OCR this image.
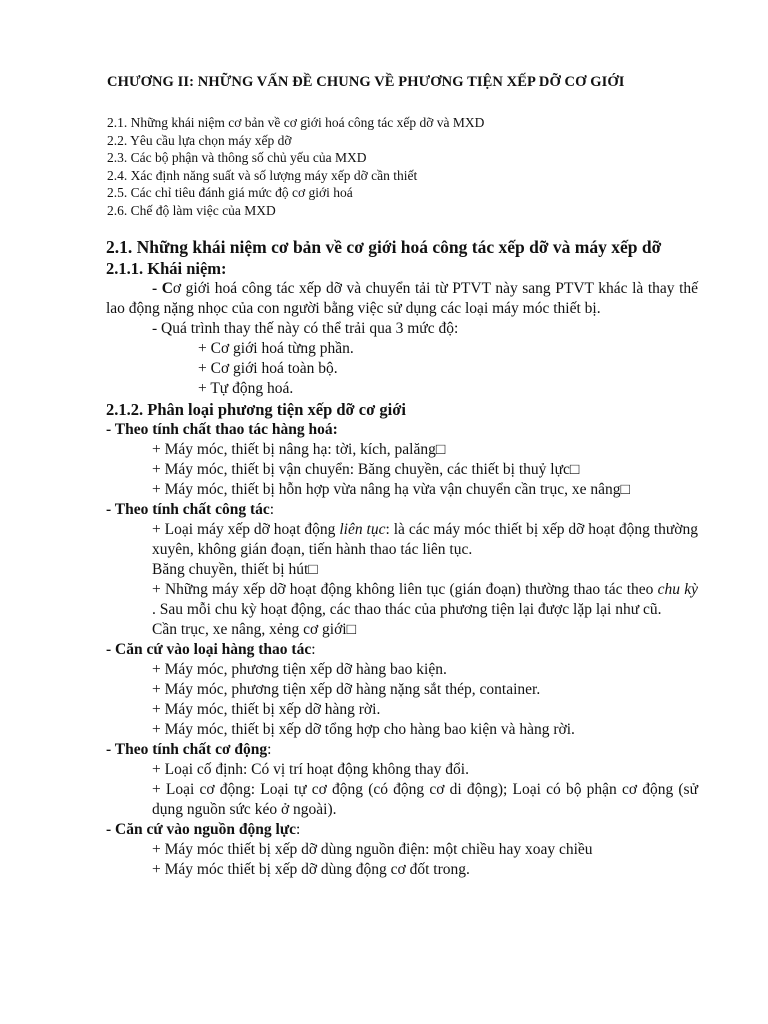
CHƯƠNG II: NHỮNG VẤN ĐỀ CHUNG VỀ PHƯƠNG TIỆN XẾP DỠ CƠ GIỚI
2.1. Những khái niệm cơ bản về cơ giới hoá công tác xếp dỡ và MXD
2.2. Yêu cầu lựa chọn máy xếp dỡ
2.3. Các bộ phận và thông số chủ yếu của MXD
2.4. Xác định năng suất và số lượng máy xếp dỡ cần thiết
2.5. Các chỉ tiêu đánh giá mức độ cơ giới hoá
2.6. Chế độ làm việc của MXD
2.1. Những khái niệm cơ bản về cơ giới hoá công tác xếp dỡ và máy xếp dỡ
2.1.1. Khái niệm:

- Cơ giới hoá công tác xếp dỡ và chuyển tải từ PTVT này sang PTVT khác là thay thế lao động nặng nhọc của con người bằng việc sử dụng các loại máy móc thiết bị.

- Quá trình thay thế này có thể trải qua 3 mức độ:

+ Cơ giới hoá từng phần.

+ Cơ giới hoá toàn bộ.

+ Tự động hoá.

2.1.2. Phân loại phương tiện xếp dỡ cơ giới

- Theo tính chất thao tác hàng hoá:

+ Máy móc, thiết bị nâng hạ: tời, kích, palăng□

+ Máy móc, thiết bị vận chuyển: Băng chuyền, các thiết bị thuỷ lực□

+ Máy móc, thiết bị hỗn hợp vừa nâng hạ vừa vận chuyển cần trục, xe nâng□

- Theo tính chất công tác:

+ Loại máy xếp dỡ hoạt động liên tục: là các máy móc thiết bị xếp dỡ hoạt động thường xuyên, không gián đoạn, tiến hành thao tác liên tục.

Băng chuyền, thiết bị hút□

+ Những máy xếp dỡ hoạt động không liên tục (gián đoạn) thường thao tác theo chu kỳ . Sau mỗi chu kỳ hoạt động, các thao thác của phương tiện lại được lặp lại như cũ.

Cần trục, xe nâng, xẻng cơ giới□

- Căn cứ vào loại hàng thao tác:

+ Máy móc, phương tiện xếp dỡ hàng bao kiện.

+ Máy móc, phương tiện xếp dỡ hàng nặng sắt thép, container.

+ Máy móc, thiết bị xếp dỡ hàng rời.

+ Máy móc, thiết bị xếp dỡ tổng hợp cho hàng bao kiện và hàng rời.

- Theo tính chất cơ động:

+ Loại cố định: Có vị trí hoạt động không thay đổi.

+ Loại cơ động: Loại tự cơ động (có động cơ di động); Loại có bộ phận cơ động (sử dụng nguồn sức kéo ở ngoài).

- Căn cứ vào nguồn động lực:

+ Máy móc thiết bị xếp dỡ dùng nguồn điện: một chiều hay xoay chiều

+ Máy móc thiết bị xếp dỡ dùng động cơ đốt trong.
